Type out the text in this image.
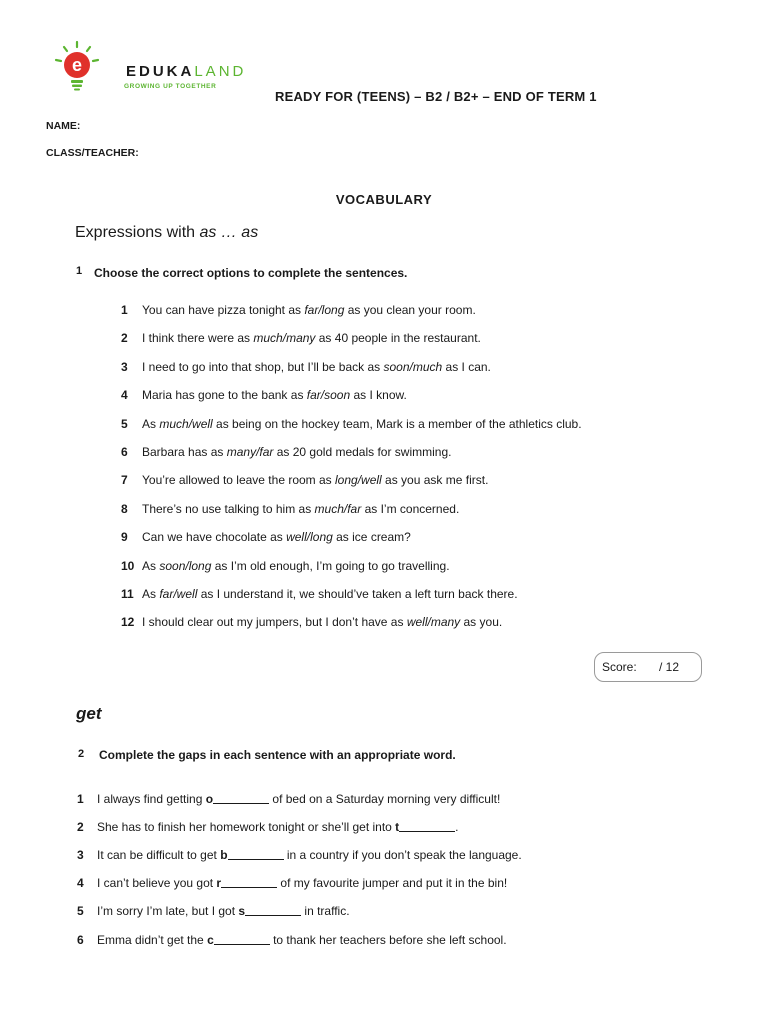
e	EDUKALAND
GROWING UP TOGETHER
READY FOR (TEENS) – B2 / B2+ – END OF TERM 1
NAME:
CLASS/TEACHER:
VOCABULARY
Expressions with as … as
1 Choose the correct options to complete the sentences.
1 You can have pizza tonight as far/long as you clean your room.
2 I think there were as much/many as 40 people in the restaurant.
3 I need to go into that shop, but I’ll be back as soon/much as I can.
4 Maria has gone to the bank as far/soon as I know.
5 As much/well as being on the hockey team, Mark is a member of the athletics club.
6 Barbara has as many/far as 20 gold medals for swimming.
7 You’re allowed to leave the room as long/well as you ask me first.
8 There’s no use talking to him as much/far as I’m concerned.
9 Can we have chocolate as well/long as ice cream?
10 As soon/long as I’m old enough, I’m going to go travelling.
11 As far/well as I understand it, we should’ve taken a left turn back there.
12 I should clear out my jumpers, but I don’t have as well/many as you.
Score: / 12
get
2 Complete the gaps in each sentence with an appropriate word.
1 I always find getting o	of bed on a Saturday morning very difficult!
2 She has to finish her homework tonight or she’ll get into t	.
3 It can be difficult to get b	in a country if you don’t speak the language.
4 I can’t believe you got r	of my favourite jumper and put it in the bin!
5 I’m sorry I’m late, but I got s	in traffic.
6 Emma didn’t get the c	to thank her teachers before she left school.
